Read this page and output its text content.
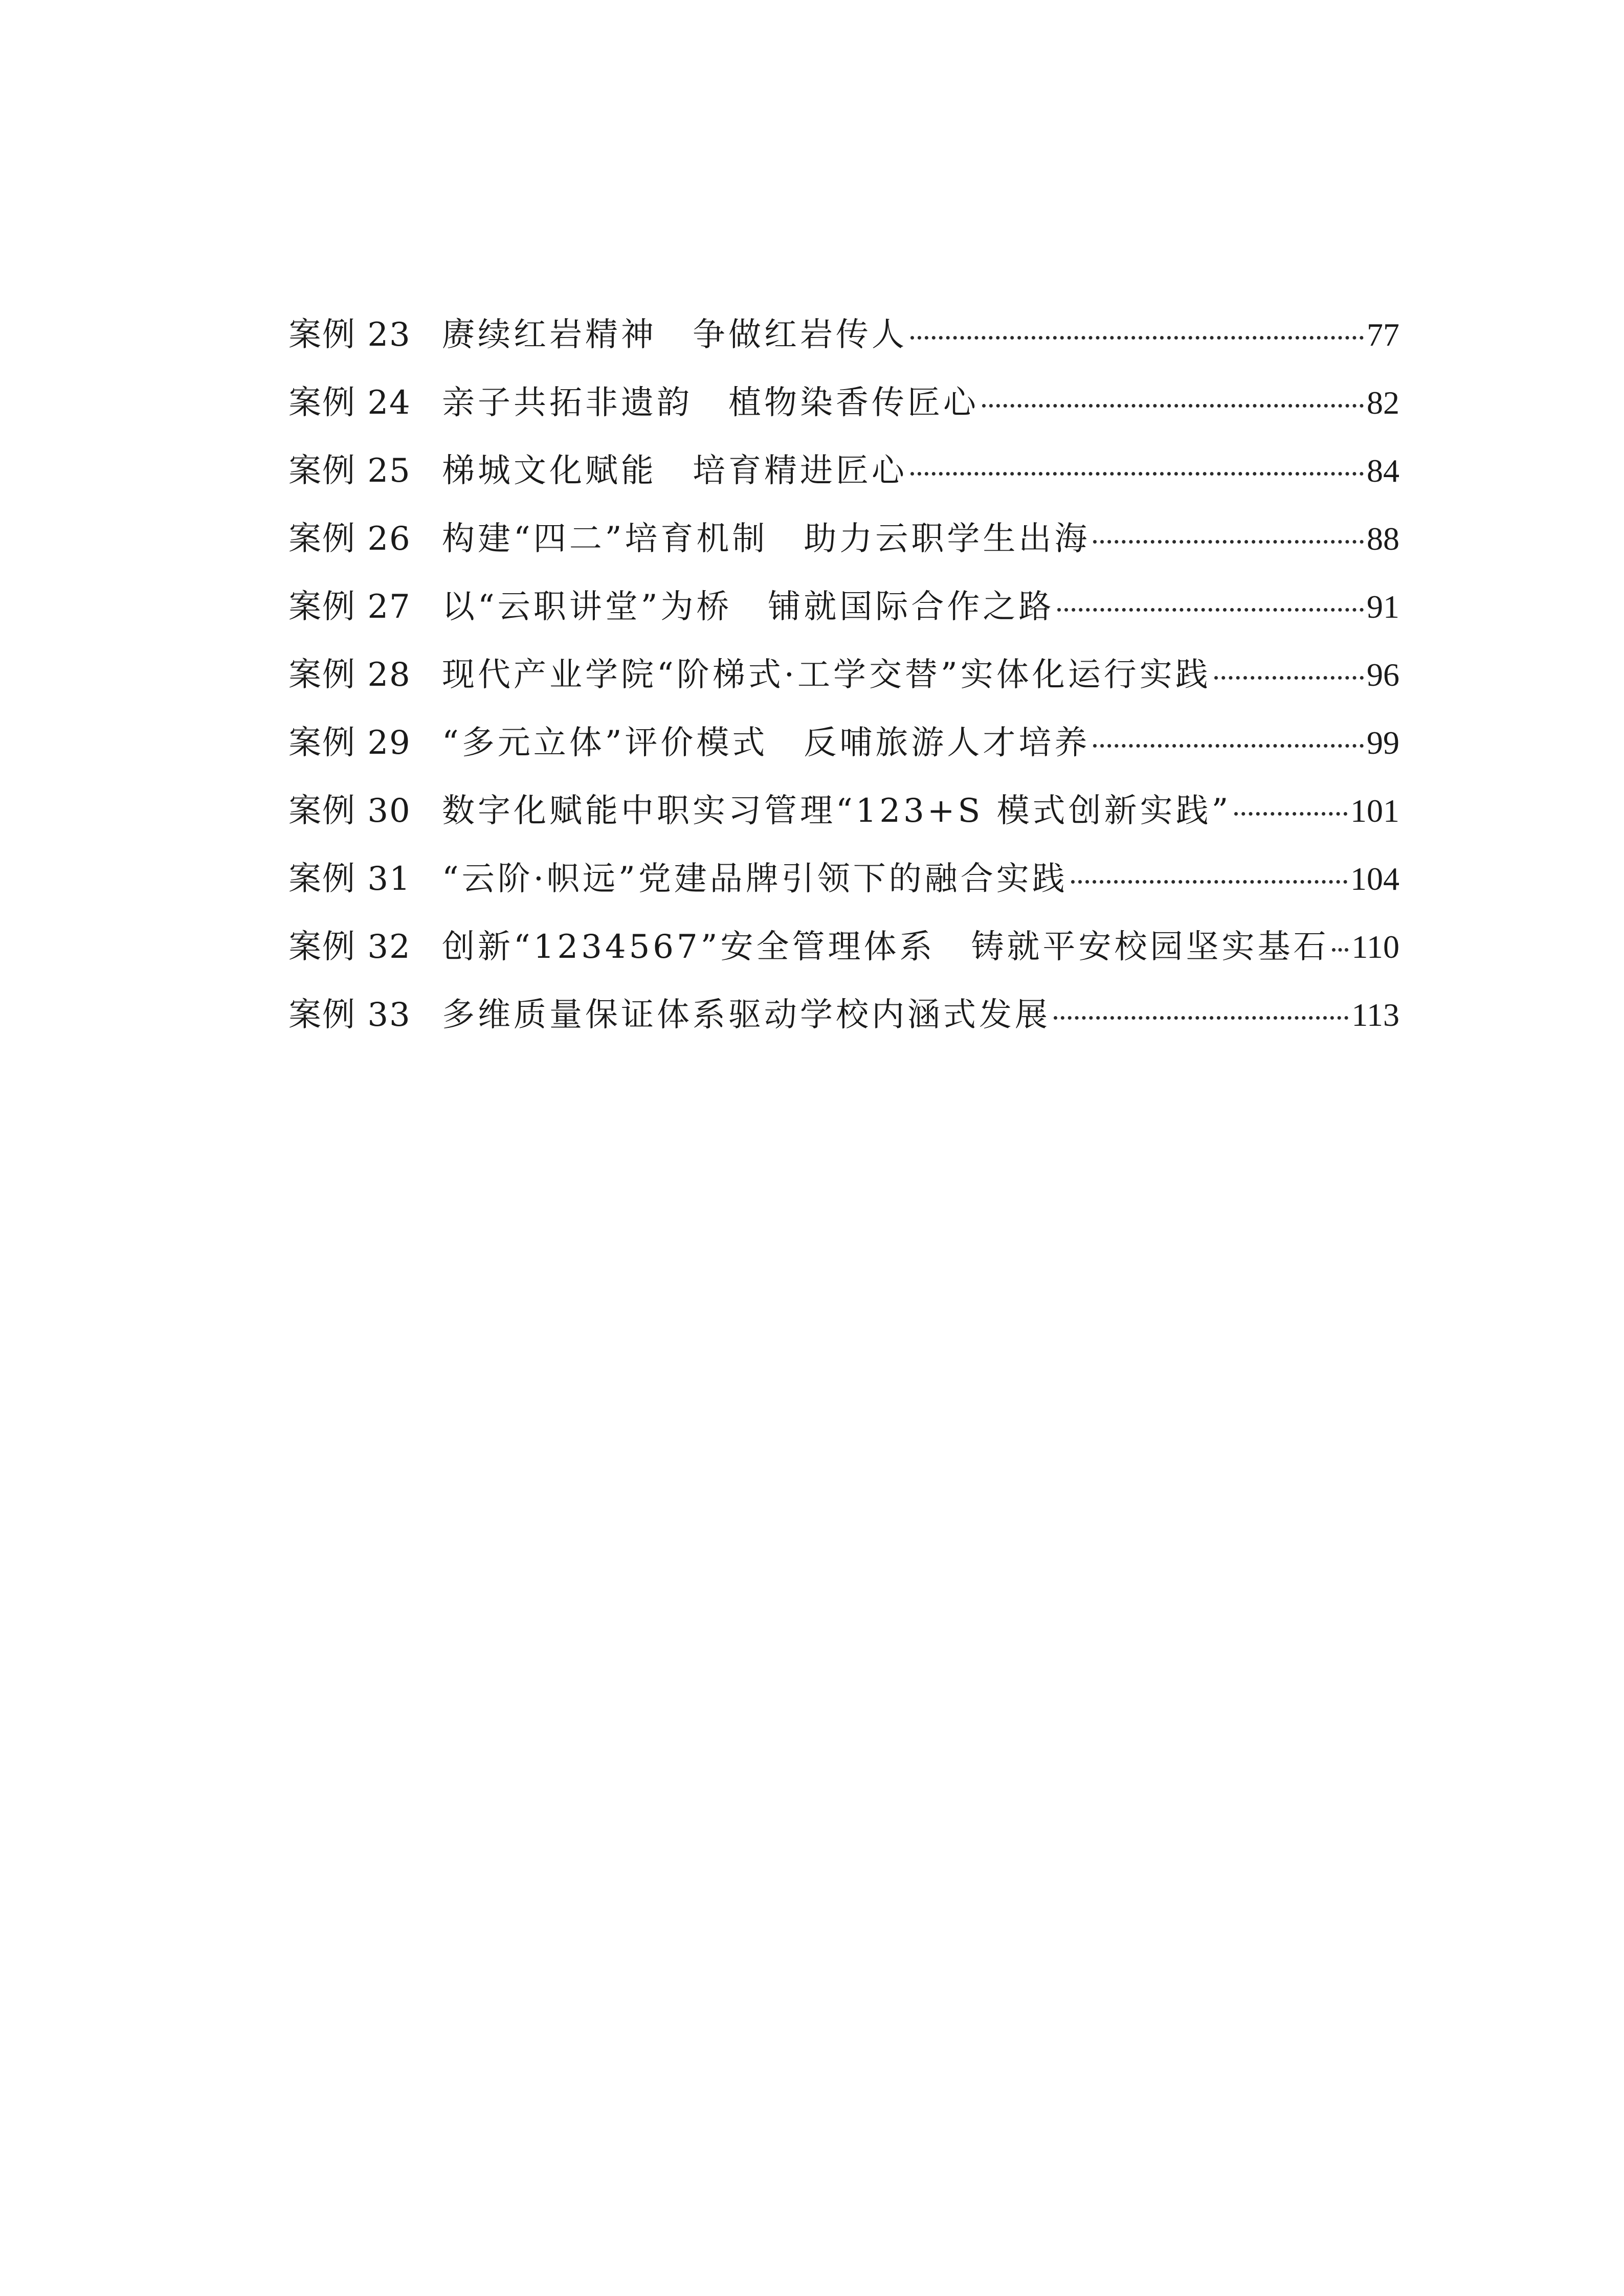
案例 23 赓续红岩精神　争做红岩传人	77
案例 24 亲子共拓非遗韵　植物染香传匠心	82
案例 25 梯城文化赋能　培育精进匠心	84
案例 26 构建“四二”培育机制　助力云职学生出海	88
案例 27 以“云职讲堂”为桥　铺就国际合作之路	91
案例 28 现代产业学院“阶梯式·工学交替”实体化运行实践	96
案例 29 “多元立体”评价模式　反哺旅游人才培养	99
案例 30 数字化赋能中职实习管理“123+S 模式创新实践”	101
案例 31 “云阶·帜远”党建品牌引领下的融合实践	104
案例 32 创新“1234567”安全管理体系　铸就平安校园坚实基石 110
案例 33 多维质量保证体系驱动学校内涵式发展	113
